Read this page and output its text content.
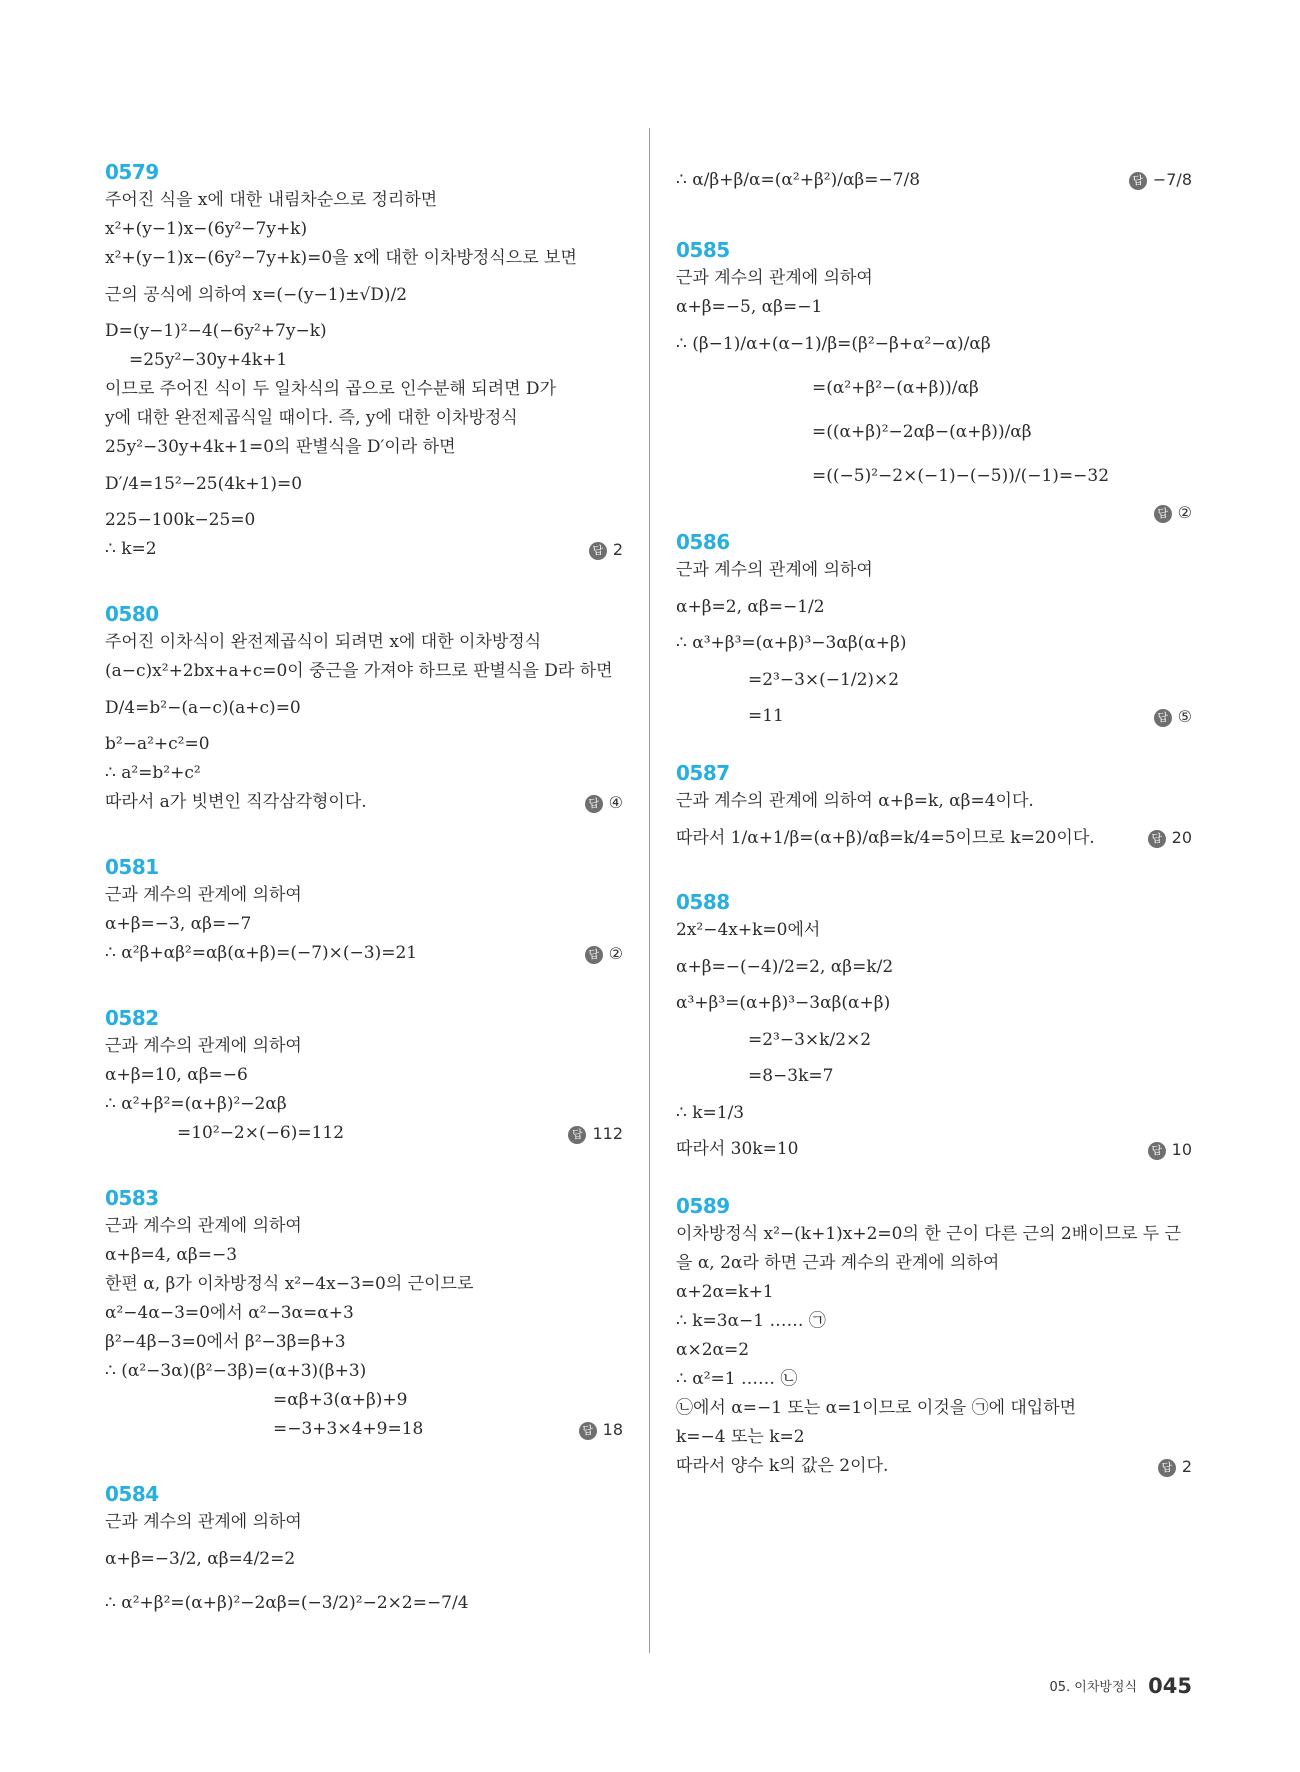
0579
주어진 식을 x에 대한 내림차순으로 정리하면
x²+(y−1)x−(6y²−7y+k)
x²+(y−1)x−(6y²−7y+k)=0을 x에 대한 이차방정식으로 보면
근의 공식에 의하여 x=(−(y−1)±√D)/2
D=(y−1)²−4(−6y²+7y−k)
=25y²−30y+4k+1
이므로 주어진 식이 두 일차식의 곱으로 인수분해 되려면 D가
y에 대한 완전제곱식일 때이다. 즉, y에 대한 이차방정식
25y²−30y+4k+1=0의 판별식을 D′이라 하면
D′/4=15²−25(4k+1)=0
225−100k−25=0
∴ k=2	답 2
0580
주어진 이차식이 완전제곱식이 되려면 x에 대한 이차방정식
(a−c)x²+2bx+a+c=0이 중근을 가져야 하므로 판별식을 D라 하면
D/4=b²−(a−c)(a+c)=0
b²−a²+c²=0
∴ a²=b²+c²
따라서 a가 빗변인 직각삼각형이다.	답 ④
0581
근과 계수의 관계에 의하여
α+β=−3, αβ=−7
∴ α²β+αβ²=αβ(α+β)=(−7)×(−3)=21	답 ②
0582
근과 계수의 관계에 의하여
α+β=10, αβ=−6
∴ α²+β²=(α+β)²−2αβ
=10²−2×(−6)=112	답 112
0583
근과 계수의 관계에 의하여
α+β=4, αβ=−3
한편 α, β가 이차방정식 x²−4x−3=0의 근이므로
α²−4α−3=0에서 α²−3α=α+3
β²−4β−3=0에서 β²−3β=β+3
∴ (α²−3α)(β²−3β)=(α+3)(β+3)
=αβ+3(α+β)+9
=−3+3×4+9=18	답 18
0584
근과 계수의 관계에 의하여
α+β=−3/2, αβ=4/2=2
∴ α²+β²=(α+β)²−2αβ=(−3/2)²−2×2=−7/4
∴ α/β+β/α=(α²+β²)/αβ=−7/8	답 −7/8
0585
근과 계수의 관계에 의하여
α+β=−5, αβ=−1
∴ (β−1)/α+(α−1)/β=(β²−β+α²−α)/αβ
=(α²+β²−(α+β))/αβ
=((α+β)²−2αβ−(α+β))/αβ
=((−5)²−2×(−1)−(−5))/(−1)=−32
답 ②
0586
근과 계수의 관계에 의하여
α+β=2, αβ=−1/2
∴ α³+β³=(α+β)³−3αβ(α+β)
=2³−3×(−1/2)×2
=11	답 ⑤
0587
근과 계수의 관계에 의하여 α+β=k, αβ=4이다.
따라서 1/α+1/β=(α+β)/αβ=k/4=5이므로 k=20이다.	답 20
0588
2x²−4x+k=0에서
α+β=−(−4)/2=2, αβ=k/2
α³+β³=(α+β)³−3αβ(α+β)
=2³−3×k/2×2
=8−3k=7
∴ k=1/3
따라서 30k=10	답 10
0589
이차방정식 x²−(k+1)x+2=0의 한 근이 다른 근의 2배이므로 두 근
을 α, 2α라 하면 근과 계수의 관계에 의하여
α+2α=k+1
∴ k=3α−1 …… ㉠
α×2α=2
∴ α²=1 …… ㉡
㉡에서 α=−1 또는 α=1이므로 이것을 ㉠에 대입하면
k=−4 또는 k=2
따라서 양수 k의 값은 2이다.	답 2
05. 이차방정식 045
